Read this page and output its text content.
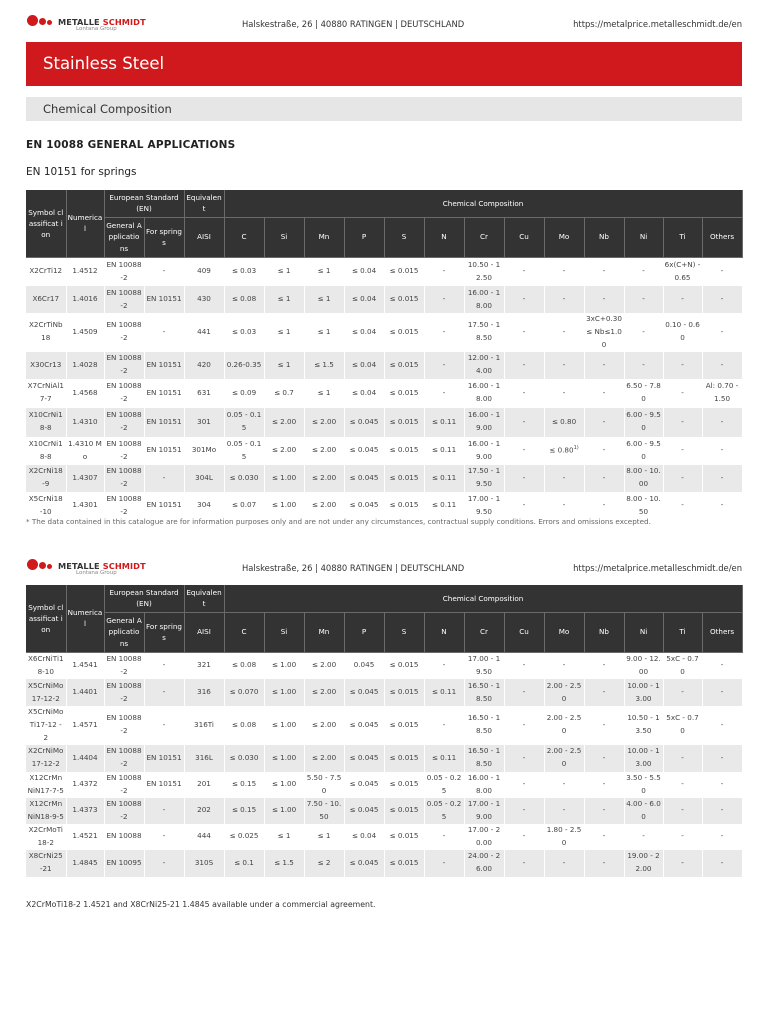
METALLE SCHMIDT
Lontana Group
Halskestraße, 26 | 40880 RATINGEN | DEUTSCHLAND	https://metalprice.metalleschmidt.de/en
Stainless Steel
Chemical Composition
EN 10088 GENERAL APPLICATIONS
EN 10151 for springs
Symbol classificat ion	Numerica l	European Standard (EN)		Equivalen t	Chemical Composition												
		General Applicatio ns	For springs	AISI	C	Si	Mn	P	S	N	Cr	Cu	Mo	Nb	Ni	Ti	Others
X2CrTi12	1.4512	EN 10088-2	-	409	≤ 0.03	≤ 1	≤ 1	≤ 0.04	≤ 0.015	-	10.50 - 12.50	-	-	-	-	6x(C+N) - 0.65	-
X6Cr17	1.4016	EN 10088-2	EN 10151	430	≤ 0.08	≤ 1	≤ 1	≤ 0.04	≤ 0.015	-	16.00 - 18.00	-	-	-	-	-	-
X2CrTiNb 18	1.4509	EN 10088-2	-	441	≤ 0.03	≤ 1	≤ 1	≤ 0.04	≤ 0.015	-	17.50 - 18.50	-	-	3xC+0.30≤ Nb≤1.00	-	0.10 - 0.60	-
X30Cr13	1.4028	EN 10088-2	EN 10151	420	0.26-0.35	≤ 1	≤ 1.5	≤ 0.04	≤ 0.015	-	12.00 - 14.00	-	-	-	-	-	-
X7CrNiAl1 7-7	1.4568	EN 10088-2	EN 10151	631	≤ 0.09	≤ 0.7	≤ 1	≤ 0.04	≤ 0.015	-	16.00 - 18.00	-	-	-	6.50 - 7.80	-	Al: 0.70 - 1.50
X10CrNi1 8-8	1.4310	EN 10088-2	EN 10151	301	0.05 - 0.15	≤ 2.00	≤ 2.00	≤ 0.045	≤ 0.015	≤ 0.11	16.00 - 19.00	-	≤ 0.80	-	6.00 - 9.50	-	-
X10CrNi1 8-8	1.4310 Mo	EN 10088-2	EN 10151	301Mo	0.05 - 0.15	≤ 2.00	≤ 2.00	≤ 0.045	≤ 0.015	≤ 0.11	16.00 - 19.00	-	≤ $0.80^{1)}$	-	6.00 - 9.50	-	-
X2CrNi18 -9	1.4307	EN 10088-2	-	304L	≤ 0.030	≤ 1.00	≤ 2.00	≤ 0.045	≤ 0.015	≤ 0.11	17.50 - 19.50	-	-	-	8.00 - 10.00	-	-
X5CrNi18 -10	1.4301	EN 10088-2	EN 10151	304	≤ 0.07	≤ 1.00	≤ 2.00	≤ 0.045	≤ 0.015	≤ 0.11	17.00 - 19.50	-	-	-	8.00 - 10.50	-	-
* The data contained in this catalogue are for information purposes only and are not under any circumstances, contractual supply conditions. Errors and omissions excepted.
METALLE SCHMIDT
Lontana Group
Halskestraße, 26 | 40880 RATINGEN | DEUTSCHLAND	https://metalprice.metalleschmidt.de/en
Symbol classificat ion	Numerica l	European Standard (EN)		Equivalen t	Chemical Composition												
		General Applicatio ns	For springs	AISI	C	Si	Mn	P	S	N	Cr	Cu	Mo	Nb	Ni	Ti	Others
X6CrNiTi1 8-10	1.4541	EN 10088-2	-	321	≤ 0.08	≤ 1.00	≤ 2.00	0.045	≤ 0.015	-	17.00 - 19.50	-	-	-	9.00 - 12.00	5xC - 0.70	-
X5CrNiMo 17-12-2	1.4401	EN 10088-2	-	316	≤ 0.070	≤ 1.00	≤ 2.00	≤ 0.045	≤ 0.015	≤ 0.11	16.50 - 18.50	-	2.00 - 2.50	-	10.00 - 13.00	-	-
X5CrNiMo Ti17-12 - 2	1.4571	EN 10088-2	-	316Ti	≤ 0.08	≤ 1.00	≤ 2.00	≤ 0.045	≤ 0.015	-	16.50 - 18.50	-	2.00 - 2.50	-	10.50 - 13.50	5xC - 0.70	-
X2CrNiMo 17-12-2	1.4404	EN 10088-2	EN 10151	316L	≤ 0.030	≤ 1.00	≤ 2.00	≤ 0.045	≤ 0.015	≤ 0.11	16.50 - 18.50	-	2.00 - 2.50	-	10.00 - 13.00	-	-
X12CrMn NiN17-7-5	1.4372	EN 10088-2	EN 10151	201	≤ 0.15	≤ 1.00	5.50 - 7.50	≤ 0.045	≤ 0.015	0.05 - 0.25	16.00 - 18.00	-	-	-	3.50 - 5.50	-	-
X12CrMn NiN18-9-5	1.4373	EN 10088-2	-	202	≤ 0.15	≤ 1.00	7.50 - 10.50	≤ 0.045	≤ 0.015	0.05 - 0.25	17.00 - 19.00	-	-	-	4.00 - 6.00	-	-
X2CrMoTi 18-2	1.4521	EN 10088	-	444	≤ 0.025	≤ 1	≤ 1	≤ 0.04	≤ 0.015	-	17.00 - 20.00	-	1.80 - 2.50	-	-	-	-
X8CrNi25 -21	1.4845	EN 10095	-	310S	≤ 0.1	≤ 1.5	≤ 2	≤ 0.045	≤ 0.015	-	24.00 - 26.00	-	-	-	19.00 - 22.00	-	-
X2CrMoTi18-2 1.4521 and X8CrNi25-21 1.4845 available under a commercial agreement.
